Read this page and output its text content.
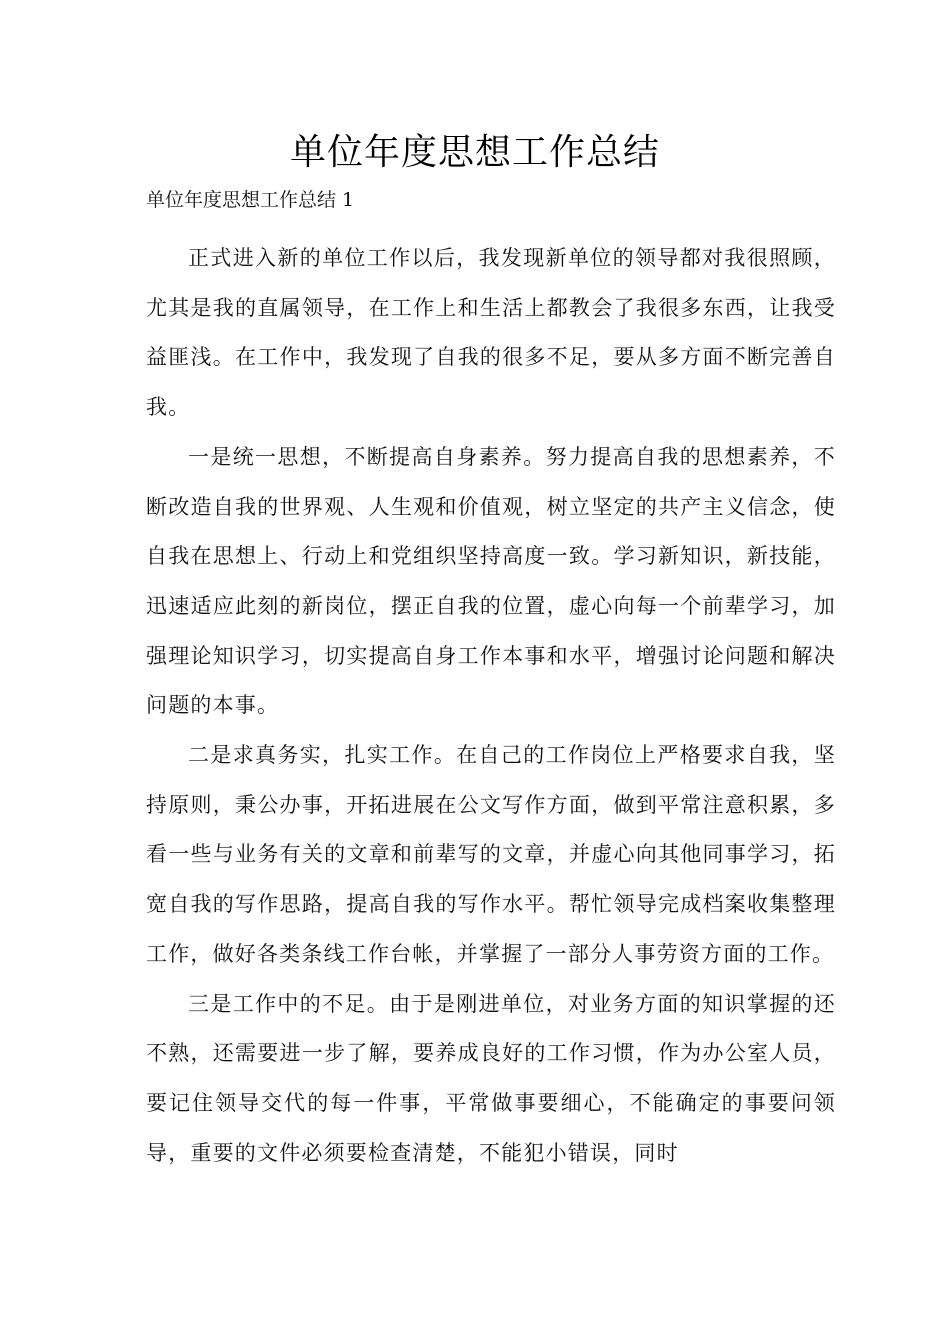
单位年度思想工作总结

单位年度思想工作总结 1

正式进入新的单位工作以后，我发现新单位的领导都对我很照顾，尤其是我的直属领导，在工作上和生活上都教会了我很多东西，让我受益匪浅。在工作中，我发现了自我的很多不足，要从多方面不断完善自我。

一是统一思想，不断提高自身素养。努力提高自我的思想素养，不断改造自我的世界观、人生观和价值观，树立坚定的共产主义信念，使自我在思想上、行动上和党组织坚持高度一致。学习新知识，新技能，迅速适应此刻的新岗位，摆正自我的位置，虚心向每一个前辈学习，加强理论知识学习，切实提高自身工作本事和水平，增强讨论问题和解决问题的本事。

二是求真务实，扎实工作。在自己的工作岗位上严格要求自我，坚持原则，秉公办事，开拓进展在公文写作方面，做到平常注意积累，多看一些与业务有关的文章和前辈写的文章，并虚心向其他同事学习，拓宽自我的写作思路，提高自我的写作水平。帮忙领导完成档案收集整理工作，做好各类条线工作台帐，并掌握了一部分人事劳资方面的工作。

三是工作中的不足。由于是刚进单位，对业务方面的知识掌握的还不熟，还需要进一步了解，要养成良好的工作习惯，作为办公室人员，要记住领导交代的每一件事，平常做事要细心，不能确定的事要问领导，重要的文件必须要检查清楚，不能犯小错误，同时
